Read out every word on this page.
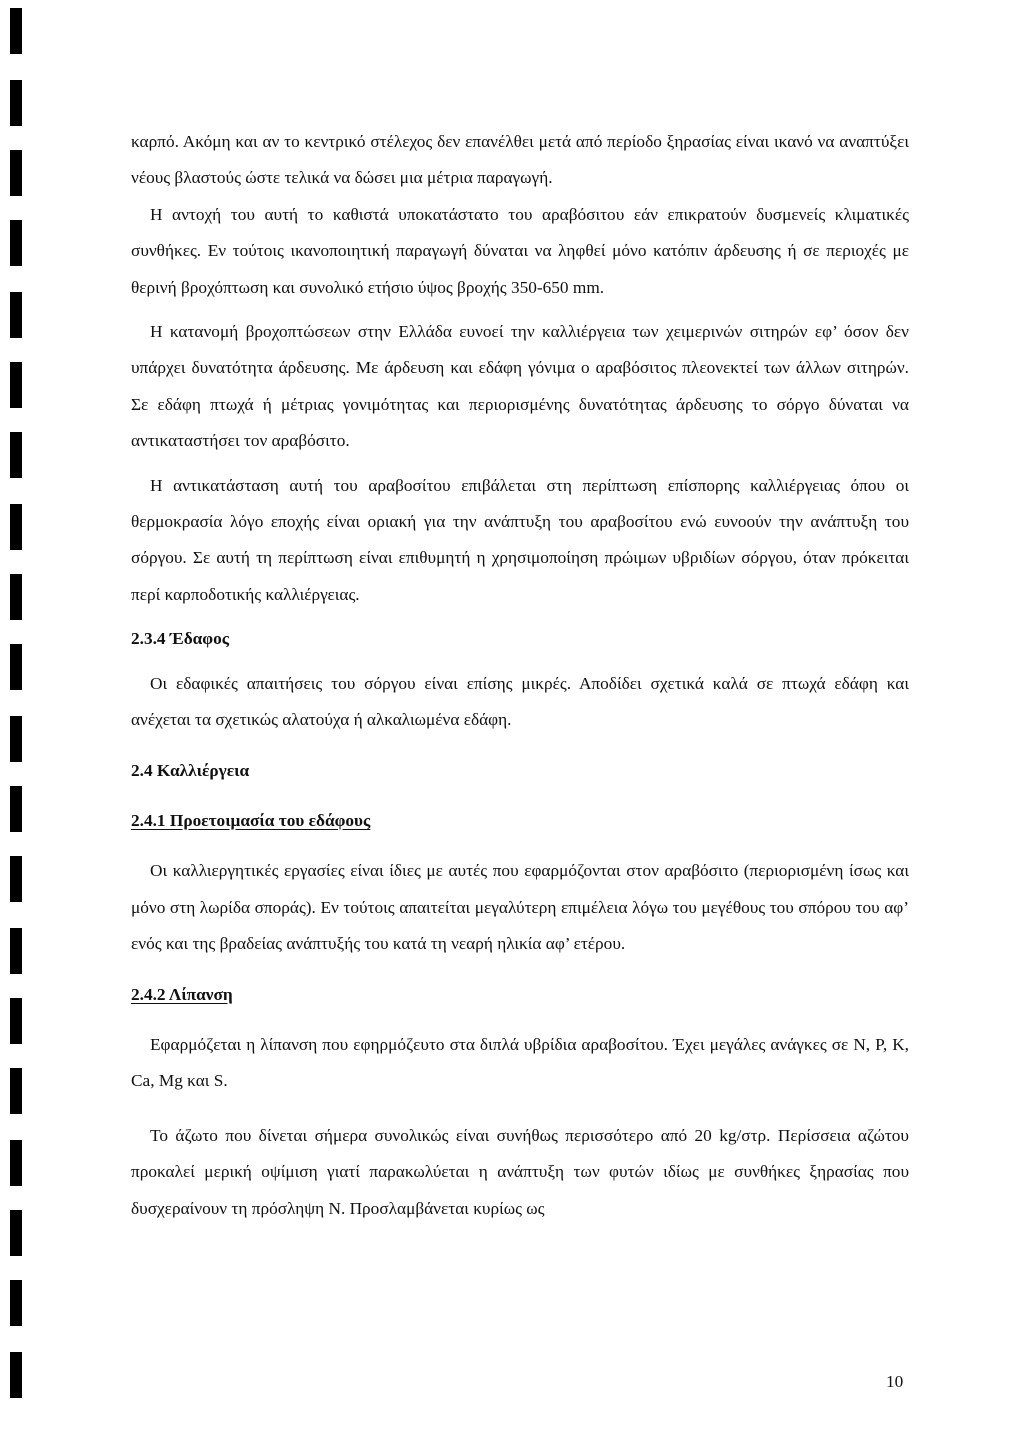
καρπό. Ακόμη και αν το κεντρικό στέλεχος δεν επανέλθει μετά από περίοδο ξηρασίας είναι ικανό να αναπτύξει νέους βλαστούς ώστε τελικά να δώσει μια μέτρια παραγωγή.

Η αντοχή του αυτή το καθιστά υποκατάστατο του αραβόσιτου εάν επικρατούν δυσμενείς κλιματικές συνθήκες. Εν τούτοις ικανοποιητική παραγωγή δύναται να ληφθεί μόνο κατόπιν άρδευσης ή σε περιοχές με θερινή βροχόπτωση και συνολικό ετήσιο ύψος βροχής 350-650 mm.

Η κατανομή βροχοπτώσεων στην Ελλάδα ευνοεί την καλλιέργεια των χειμερινών σιτηρών εφ’ όσον δεν υπάρχει δυνατότητα άρδευσης. Με άρδευση και εδάφη γόνιμα ο αραβόσιτος πλεονεκτεί των άλλων σιτηρών. Σε εδάφη πτωχά ή μέτριας γονιμότητας και περιορισμένης δυνατότητας άρδευσης το σόργο δύναται να αντικαταστήσει τον αραβόσιτο.

Η αντικατάσταση αυτή του αραβοσίτου επιβάλεται στη περίπτωση επίσπορης καλλιέργειας όπου οι θερμοκρασία λόγο εποχής είναι οριακή για την ανάπτυξη του αραβοσίτου ενώ ευνοούν την ανάπτυξη του σόργου. Σε αυτή τη περίπτωση είναι επιθυμητή η χρησιμοποίηση πρώιμων υβριδίων σόργου, όταν πρόκειται περί καρποδοτικής καλλιέργειας.

2.3.4 Έδαφος

Οι εδαφικές απαιτήσεις του σόργου είναι επίσης μικρές. Αποδίδει σχετικά καλά σε πτωχά εδάφη και ανέχεται τα σχετικώς αλατούχα ή αλκαλιωμένα εδάφη.

2.4 Καλλιέργεια
2.4.1 Προετοιμασία του εδάφους

Οι καλλιεργητικές εργασίες είναι ίδιες με αυτές που εφαρμόζονται στον αραβόσιτο (περιορισμένη ίσως και μόνο στη λωρίδα σποράς). Εν τούτοις απαιτείται μεγαλύτερη επιμέλεια λόγω του μεγέθους του σπόρου του αφ’ ενός και της βραδείας ανάπτυξής του κατά τη νεαρή ηλικία αφ’ ετέρου.

2.4.2 Λίπανση

Εφαρμόζεται η λίπανση που εφηρμόζευτο στα διπλά υβρίδια αραβοσίτου. Έχει μεγάλες ανάγκες σε N, P, K, Ca, Mg και S.

Το άζωτο που δίνεται σήμερα συνολικώς είναι συνήθως περισσότερο από 20 kg/στρ. Περίσσεια αζώτου προκαλεί μερική οψίμιση γιατί παρακωλύεται η ανάπτυξη των φυτών ιδίως με συνθήκες ξηρασίας που δυσχεραίνουν τη πρόσληψη N. Προσλαμβάνεται κυρίως ως

10
